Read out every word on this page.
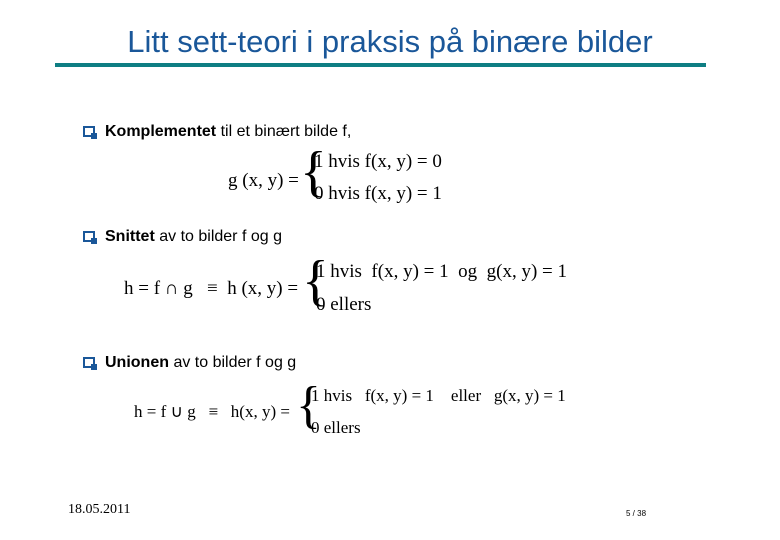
Litt sett-teori i praksis på binære bilder
Komplementet til et binært bilde f,
g (x, y) = {
1 hvis f(x, y) = 0
0 hvis f(x, y) = 1
Snittet av to bilder f og g
h = f ∩ g   ≡  h (x, y) = {
1 hvis  f(x, y) = 1  og  g(x, y) = 1
0 ellers
Unionen av to bilder f og g
h = f ∪ g   ≡   h(x, y) = {
1 hvis   f(x, y) = 1    eller   g(x, y) = 1
0 ellers
18.05.2011	5 / 38
